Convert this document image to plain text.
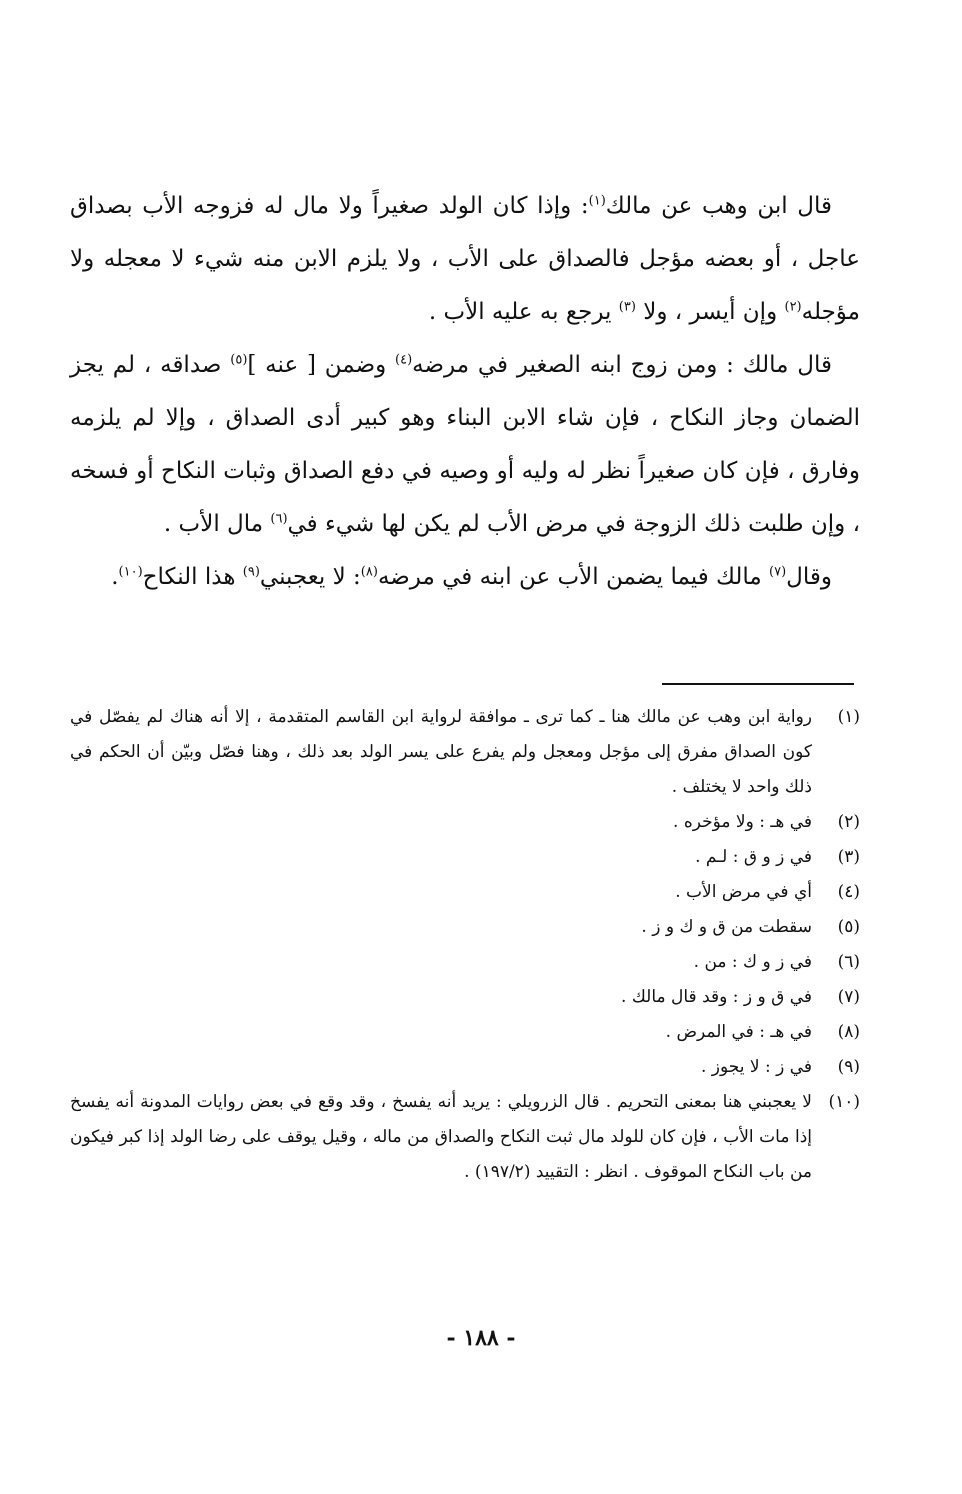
قال ابن وهب عن مالك$^{(١)}$: وإذا كان الولد صغيراً ولا مال له فزوجه الأب بصداق عاجل ، أو بعضه مؤجل فالصداق على الأب ، ولا يلزم الابن منه شيء لا معجله ولا مؤجله$^{(٢)}$ وإن أيسر ، ولا $^{(٣)}$ يرجع به عليه الأب .

قال مالك : ومن زوج ابنه الصغير في مرضه$^{(٤)}$ وضمن [ عنه ]$^{(٥)}$ صداقه ، لم يجز الضمان وجاز النكاح ، فإن شاء الابن البناء وهو كبير أدى الصداق ، وإلا لم يلزمه وفارق ، فإن كان صغيراً نظر له وليه أو وصيه في دفع الصداق وثبات النكاح أو فسخه ، وإن طلبت ذلك الزوجة في مرض الأب لم يكن لها شيء في$^{(٦)}$ مال الأب .

وقال$^{(٧)}$ مالك فيما يضمن الأب عن ابنه في مرضه$^{(٨)}$: لا يعجبني$^{(٩)}$ هذا النكاح$^{(١٠)}$.

(١)
رواية ابن وهب عن مالك هنا ـ كما ترى ـ موافقة لرواية ابن القاسم المتقدمة ، إلا أنه هناك لم يفصّل في كون الصداق مفرق إلى مؤجل ومعجل ولم يفرع على يسر الولد بعد ذلك ، وهنا فصّل وبيّن أن الحكم في ذلك واحد لا يختلف .
(٢)
في هـ : ولا مؤخره .
(٣)
في ز و ق : لـم .
(٤)
أي في مرض الأب .
(٥)
سقطت من ق و ك و ز .
(٦)
في ز و ك : من .
(٧)
في ق و ز : وقد قال مالك .
(٨)
في هـ : في المرض .
(٩)
في ز : لا يجوز .
(١٠)
لا يعجبني هنا بمعنى التحريم . قال الزرويلي : يريد أنه يفسخ ، وقد وقع في بعض روايات المدونة أنه يفسخ إذا مات الأب ، فإن كان للولد مال ثبت النكاح والصداق من ماله ، وقيل يوقف على رضا الولد إذا كبر فيكون من باب النكاح الموقوف . انظر : التقييد (١٩٧/٢) .
- ١٨٨ -
